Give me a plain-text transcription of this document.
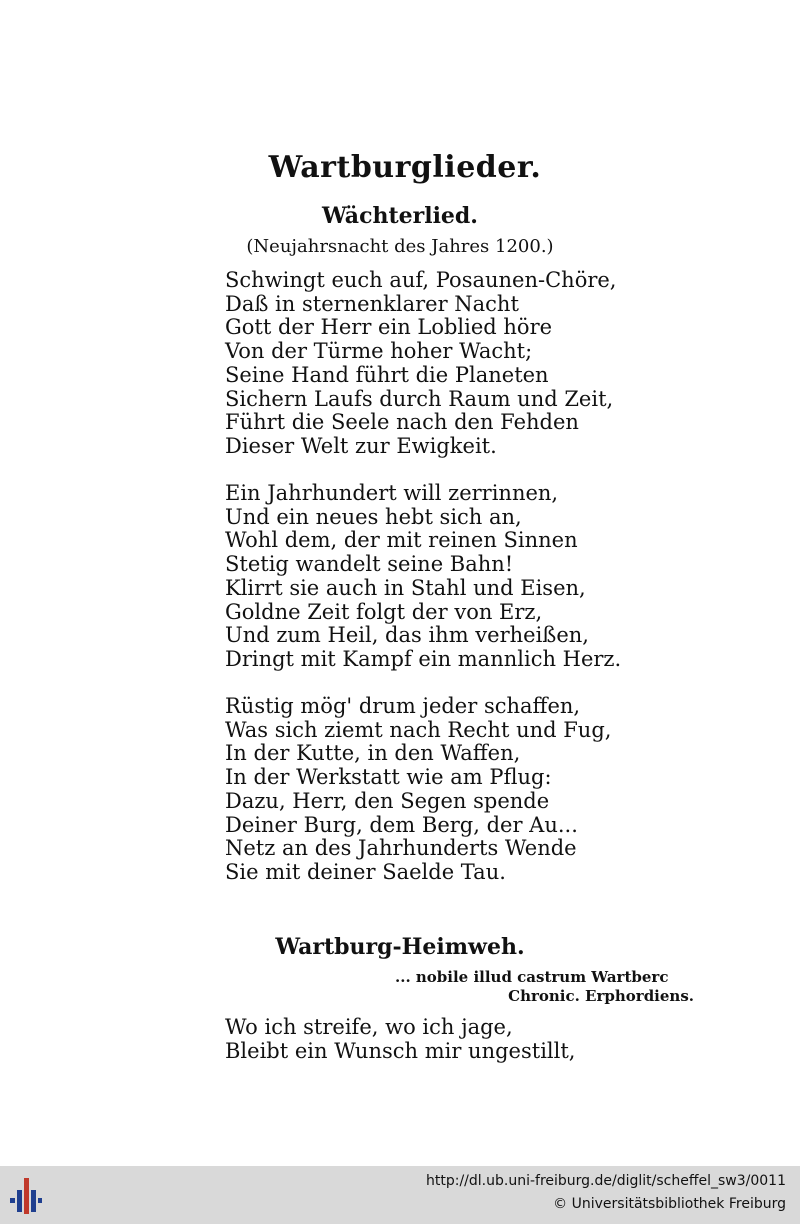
Wartburglieder.
Wächterlied.
(Neujahrsnacht des Jahres 1200.)
Schwingt euch auf, Posaunen-Chöre,
Daß in sternenklarer Nacht
Gott der Herr ein Loblied höre
Von der Türme hoher Wacht;
Seine Hand führt die Planeten
Sichern Laufs durch Raum und Zeit,
Führt die Seele nach den Fehden
Dieser Welt zur Ewigkeit.
Ein Jahrhundert will zerrinnen,
Und ein neues hebt sich an,
Wohl dem, der mit reinen Sinnen
Stetig wandelt seine Bahn!
Klirrt sie auch in Stahl und Eisen,
Goldne Zeit folgt der von Erz,
Und zum Heil, das ihm verheißen,
Dringt mit Kampf ein mannlich Herz.
Rüstig mög' drum jeder schaffen,
Was sich ziemt nach Recht und Fug,
In der Kutte, in den Waffen,
In der Werkstatt wie am Pflug:
Dazu, Herr, den Segen spende
Deiner Burg, dem Berg, der Au...
Netz an des Jahrhunderts Wende
Sie mit deiner Saelde Tau.
Wartburg-Heimweh.
... nobile illud castrum Wartberc
Chronic. Erphordiens.
Wo ich streife, wo ich jage,
Bleibt ein Wunsch mir ungestillt,
http://dl.ub.uni-freiburg.de/diglit/scheffel_sw3/0011
© Universitätsbibliothek Freiburg
